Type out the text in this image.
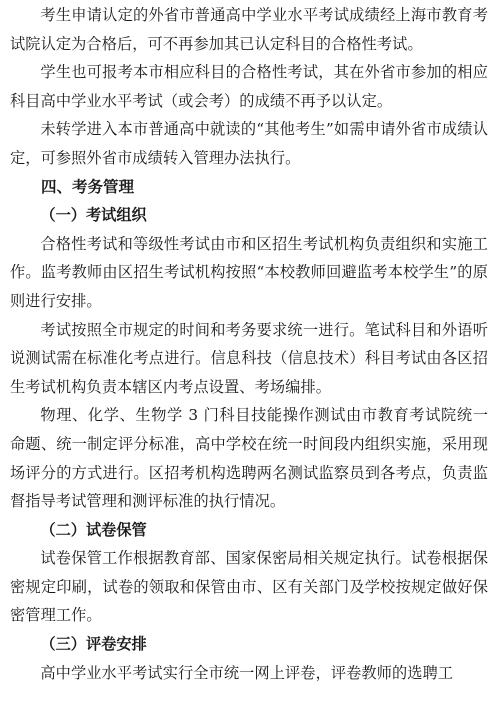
考生申请认定的外省市普通高中学业水平考试成绩经上海市教育考试院认定为合格后，可不再参加其已认定科目的合格性考试。

学生也可报考本市相应科目的合格性考试，其在外省市参加的相应科目高中学业水平考试（或会考）的成绩不再予以认定。

未转学进入本市普通高中就读的“其他考生”如需申请外省市成绩认定，可参照外省市成绩转入管理办法执行。

四、考务管理
（一）考试组织

合格性考试和等级性考试由市和区招生考试机构负责组织和实施工作。监考教师由区招生考试机构按照“本校教师回避监考本校学生”的原则进行安排。

考试按照全市规定的时间和考务要求统一进行。笔试科目和外语听说测试需在标准化考点进行。信息科技（信息技术）科目考试由各区招生考试机构负责本辖区内考点设置、考场编排。

物理、化学、生物学 3 门科目技能操作测试由市教育考试院统一命题、统一制定评分标准，高中学校在统一时间段内组织实施，采用现场评分的方式进行。区招考机构选聘两名测试监察员到各考点，负责监督指导考试管理和测评标准的执行情况。

（二）试卷保管

试卷保管工作根据教育部、国家保密局相关规定执行。试卷根据保密规定印刷，试卷的领取和保管由市、区有关部门及学校按规定做好保密管理工作。

（三）评卷安排

高中学业水平考试实行全市统一网上评卷，评卷教师的选聘工
